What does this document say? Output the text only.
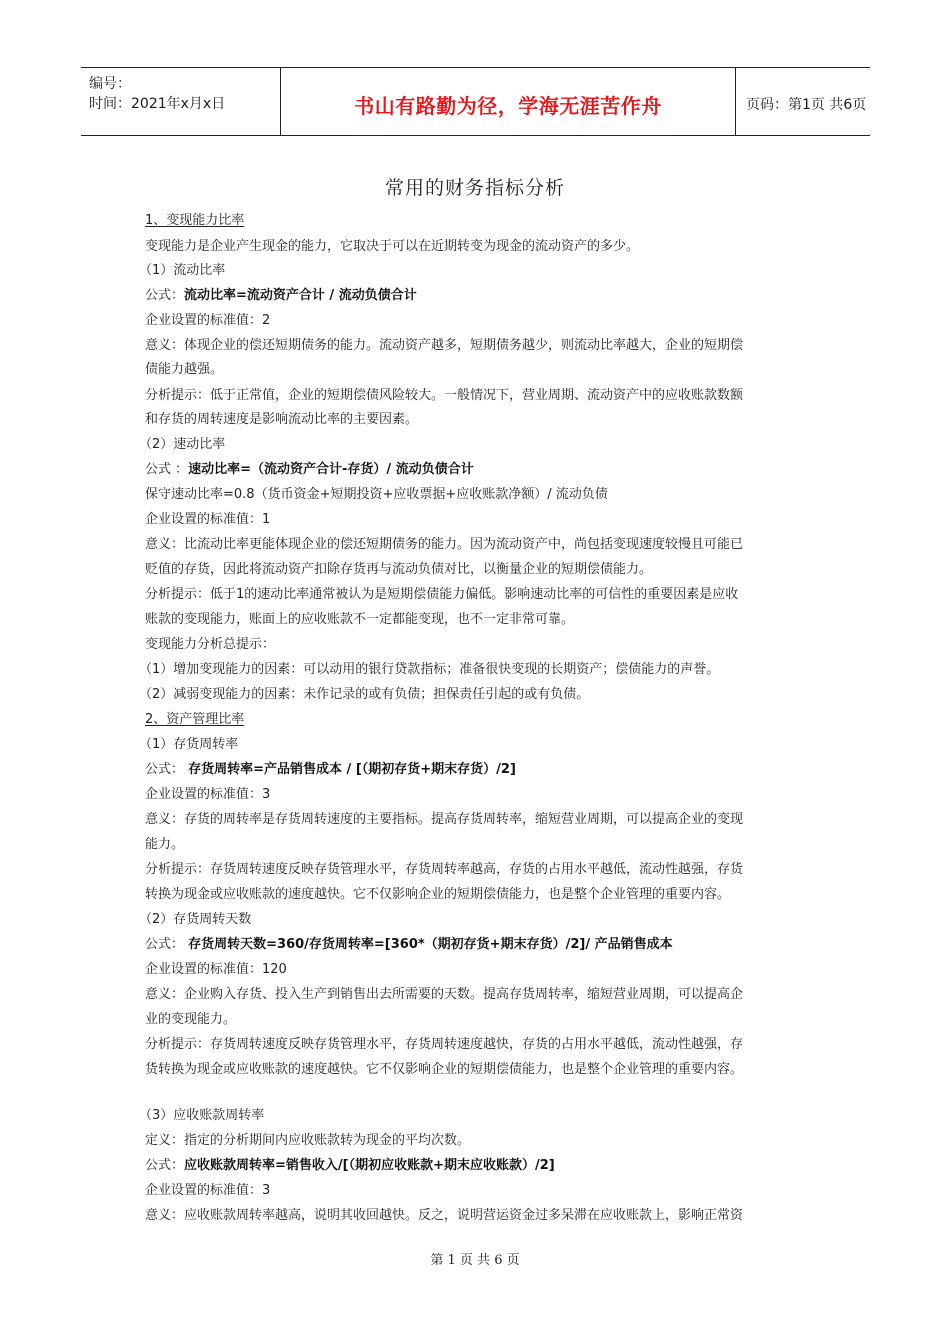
编号：
时间：2021年x月x日	书山有路勤为径，学海无涯苦作舟	页码：第1页 共6页
常用的财务指标分析
1、变现能力比率
变现能力是企业产生现金的能力，它取决于可以在近期转变为现金的流动资产的多少。
（1）流动比率
公式：流动比率=流动资产合计 / 流动负债合计
企业设置的标准值：2
意义：体现企业的偿还短期债务的能力。流动资产越多，短期债务越少，则流动比率越大，企业的短期偿
债能力越强。
分析提示：低于正常值，企业的短期偿债风险较大。一般情况下，营业周期、流动资产中的应收账款数额
和存货的周转速度是影响流动比率的主要因素。
（2）速动比率
公式 ：速动比率=（流动资产合计-存货）/ 流动负债合计
保守速动比率=0.8（货币资金+短期投资+应收票据+应收账款净额）/ 流动负债
企业设置的标准值：1
意义：比流动比率更能体现企业的偿还短期债务的能力。因为流动资产中，尚包括变现速度较慢且可能已
贬值的存货，因此将流动资产扣除存货再与流动负债对比，以衡量企业的短期偿债能力。
分析提示：低于1的速动比率通常被认为是短期偿债能力偏低。影响速动比率的可信性的重要因素是应收
账款的变现能力，账面上的应收账款不一定都能变现，也不一定非常可靠。
变现能力分析总提示：
（1）增加变现能力的因素：可以动用的银行贷款指标；准备很快变现的长期资产；偿债能力的声誉。
（2）减弱变现能力的因素：未作记录的或有负债；担保责任引起的或有负债。
2、资产管理比率
（1）存货周转率
公式： 存货周转率=产品销售成本 / [（期初存货+期末存货）/2]
企业设置的标准值：3
意义：存货的周转率是存货周转速度的主要指标。提高存货周转率，缩短营业周期，可以提高企业的变现
能力。
分析提示：存货周转速度反映存货管理水平，存货周转率越高，存货的占用水平越低，流动性越强，存货
转换为现金或应收账款的速度越快。它不仅影响企业的短期偿债能力，也是整个企业管理的重要内容。
（2）存货周转天数
公式： 存货周转天数=360/存货周转率=[360*（期初存货+期末存货）/2]/ 产品销售成本
企业设置的标准值：120
意义：企业购入存货、投入生产到销售出去所需要的天数。提高存货周转率，缩短营业周期，可以提高企
业的变现能力。
分析提示：存货周转速度反映存货管理水平，存货周转速度越快，存货的占用水平越低，流动性越强，存
货转换为现金或应收账款的速度越快。它不仅影响企业的短期偿债能力，也是整个企业管理的重要内容。
（3）应收账款周转率
定义：指定的分析期间内应收账款转为现金的平均次数。
公式：应收账款周转率=销售收入/[（期初应收账款+期末应收账款）/2]
企业设置的标准值：3
意义：应收账款周转率越高，说明其收回越快。反之，说明营运资金过多呆滞在应收账款上，影响正常资
第 1 页 共 6 页
